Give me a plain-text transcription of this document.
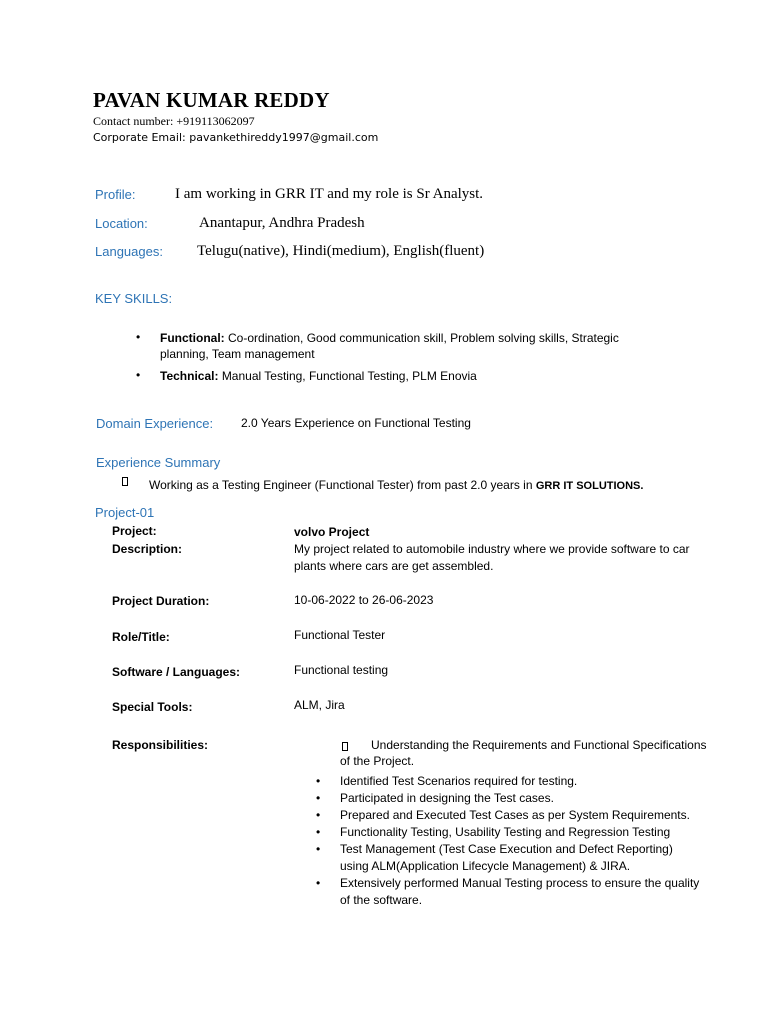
PAVAN KUMAR REDDY
Contact number: +919113062097
Corporate Email: pavankethireddy1997@gmail.com
Profile:	I am working in GRR IT and my role is Sr Analyst.
Location:	Anantapur, Andhra Pradesh
Languages: Telugu(native), Hindi(medium), English(fluent)
KEY SKILLS:
• Functional: Co-ordination, Good communication skill, Problem solving skills, Strategic
planning, Team management
• Technical: Manual Testing, Functional Testing, PLM Enovia
Domain Experience: 2.0 Years Experience on Functional Testing
Experience Summary
Working as a Testing Engineer (Functional Tester) from past 2.0 years in GRR IT SOLUTIONS.
Project-01
Project:	volvo Project
Description:	My project related to automobile industry where we provide software to car
plants where cars are get assembled.
Project Duration:	10-06-2022 to 26-06-2023
Role/Title:	Functional Tester
Software / Languages:	Functional testing
Special Tools:	ALM, Jira
Responsibilities:	Understanding the Requirements and Functional Specifications
of the Project.
• Identified Test Scenarios required for testing.
• Participated in designing the Test cases.
• Prepared and Executed Test Cases as per System Requirements.
• Functionality Testing, Usability Testing and Regression Testing
• Test Management (Test Case Execution and Defect Reporting)
using ALM(Application Lifecycle Management) & JIRA.
• Extensively performed Manual Testing process to ensure the quality
of the software.
